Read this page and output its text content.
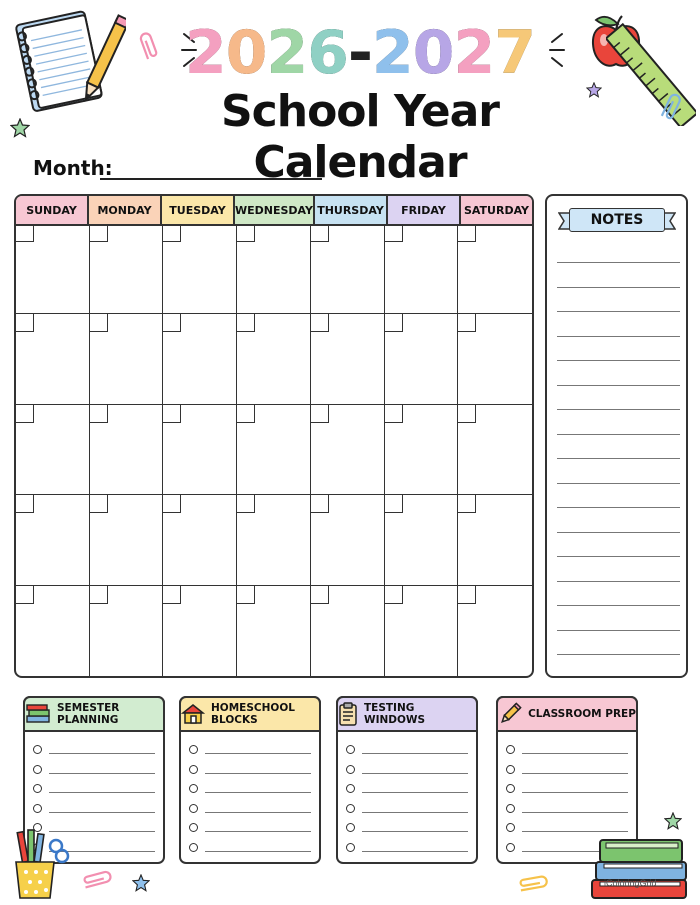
2 0 2 6 - 2 0 2 7
School Year Calendar
Month:
SUNDAY	MONDAY	TUESDAY WEDNESDAY THURSDAY	FRIDAY	SATURDAY
NOTES
SEMESTER PLANNING
HOMESCHOOL BLOCKS
TESTING WINDOWS	CLASSROOM PREP
iColoringGrid
